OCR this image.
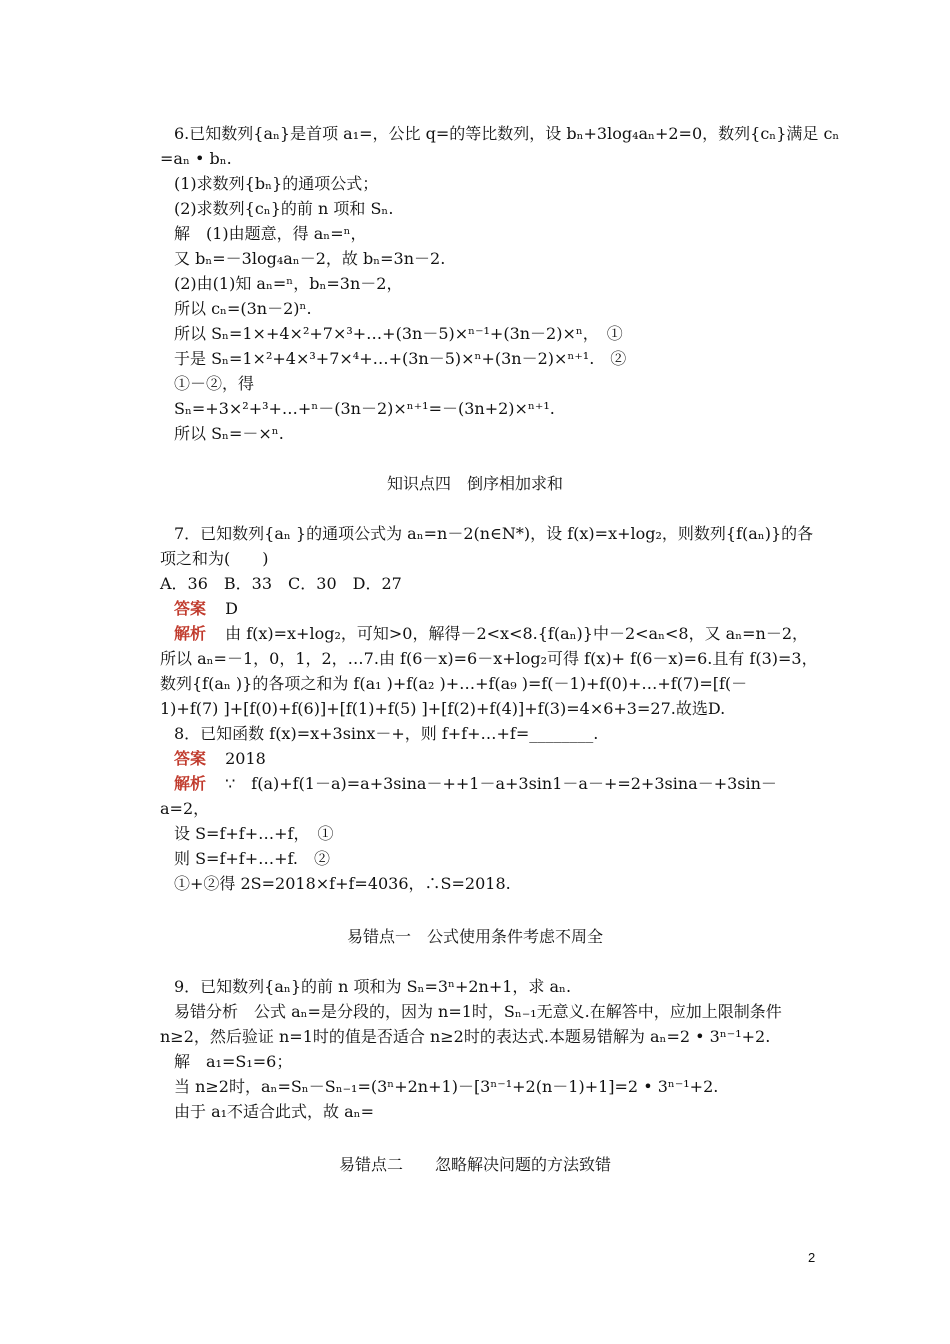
6.已知数列{aₙ}是首项 a₁=，公比 q=的等比数列，设 bₙ+3log₄aₙ+2=0，数列{cₙ}满足 cₙ
=aₙ • bₙ.
(1)求数列{bₙ}的通项公式；
(2)求数列{cₙ}的前 n 项和 Sₙ.
解　(1)由题意，得 aₙ=ⁿ，
又 bₙ=－3log₄aₙ－2，故 bₙ=3n－2.
(2)由(1)知 aₙ=ⁿ，bₙ=3n－2，
所以 cₙ=(3n－2)ⁿ.
所以 Sₙ=1×+4×²+7×³+…+(3n－5)×ⁿ⁻¹+(3n－2)×ⁿ，　①
于是 Sₙ=1×²+4×³+7×⁴+…+(3n－5)×ⁿ+(3n－2)×ⁿ⁺¹.　②
①－②，得
Sₙ=+3×²+³+…+ⁿ－(3n－2)×ⁿ⁺¹=－(3n+2)×ⁿ⁺¹.
所以 Sₙ=－×ⁿ.
知识点四　倒序相加求和
7．已知数列{aₙ }的通项公式为 aₙ=n－2(n∈N*)，设 f(x)=x+log₂，则数列{f(aₙ)}的各
项之和为(　　)
A．36　B．33　C．30　D．27
答案 D
解析 由 f(x)=x+log₂，可知>0，解得－2<x<8.{f(aₙ)}中－2<aₙ<8，又 aₙ=n－2，
所以 aₙ=－1，0，1，2，…7.由 f(6－x)=6－x+log₂可得 f(x)+ f(6－x)=6.且有 f(3)=3，
数列{f(aₙ )}的各项之和为 f(a₁ )+f(a₂ )+…+f(a₉ )=f(－1)+f(0)+…+f(7)=[f(－
1)+f(7) ]+[f(0)+f(6)]+[f(1)+f(5) ]+[f(2)+f(4)]+f(3)=4×6+3=27.故选D.
8．已知函数 f(x)=x+3sinx－+，则 f+f+…+f=________.
答案 2018
解析 ∵　f(a)+f(1－a)=a+3sina－++1－a+3sin1－a－+=2+3sina－+3sin－
a=2，
设 S=f+f+…+f，　①
则 S=f+f+…+f.　②
①+②得 2S=2018×f+f=4036，∴S=2018.
易错点一　公式使用条件考虑不周全
9．已知数列{aₙ}的前 n 项和为 Sₙ=3ⁿ+2n+1，求 aₙ.
易错分析　公式 aₙ=是分段的，因为 n=1时，Sₙ₋₁无意义.在解答中，应加上限制条件
n≥2，然后验证 n=1时的值是否适合 n≥2时的表达式.本题易错解为 aₙ=2 • 3ⁿ⁻¹+2.
解　a₁=S₁=6；
当 n≥2时，aₙ=Sₙ－Sₙ₋₁=(3ⁿ+2n+1)－[3ⁿ⁻¹+2(n－1)+1]=2 • 3ⁿ⁻¹+2.
由于 a₁不适合此式，故 aₙ=
易错点二　　忽略解决问题的方法致错
2
